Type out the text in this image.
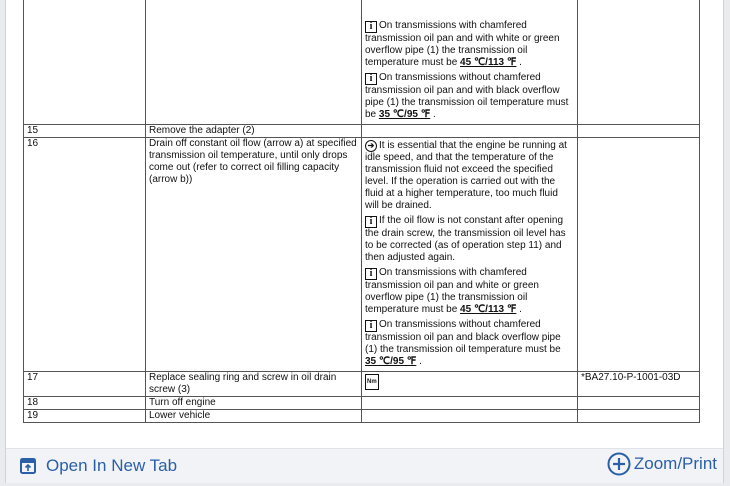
		i On transmissions with chamfered transmission oil pan and with white or green overflow pipe (1) the transmission oil temperature must be 45 ℃/113 ℉ .
i On transmissions without chamfered transmission oil pan and with black overflow pipe (1) the transmission oil temperature must be 35 ℃/95 ℉ .	

15	Remove the adapter (2)		
16	Drain off constant oil flow (arrow a) at specified transmission oil temperature, until only drops come out (refer to correct oil filling capacity (arrow b))	➔ It is essential that the engine be running at idle speed, and that the temperature of the transmission fluid not exceed the specified level. If the operation is carried out with the fluid at a higher temperature, too much fluid will be drained.
i If the oil flow is not constant after opening the drain screw, the transmission oil level has to be corrected (as of operation step 11) and then adjusted again.
i On transmissions with chamfered transmission oil pan and white or green overflow pipe (1) the transmission oil temperature must be 45 ℃/113 ℉ .
i On transmissions without chamfered transmission oil pan and black overflow pipe (1) the transmission oil temperature must be 35 ℃/95 ℉ .	

17	Replace sealing ring and screw in oil drain screw (3)	Nm	*BA27.10-P-1001-03D
18	Turn off engine		
19	Lower vehicle		
Open In New Tab	Zoom/Print
